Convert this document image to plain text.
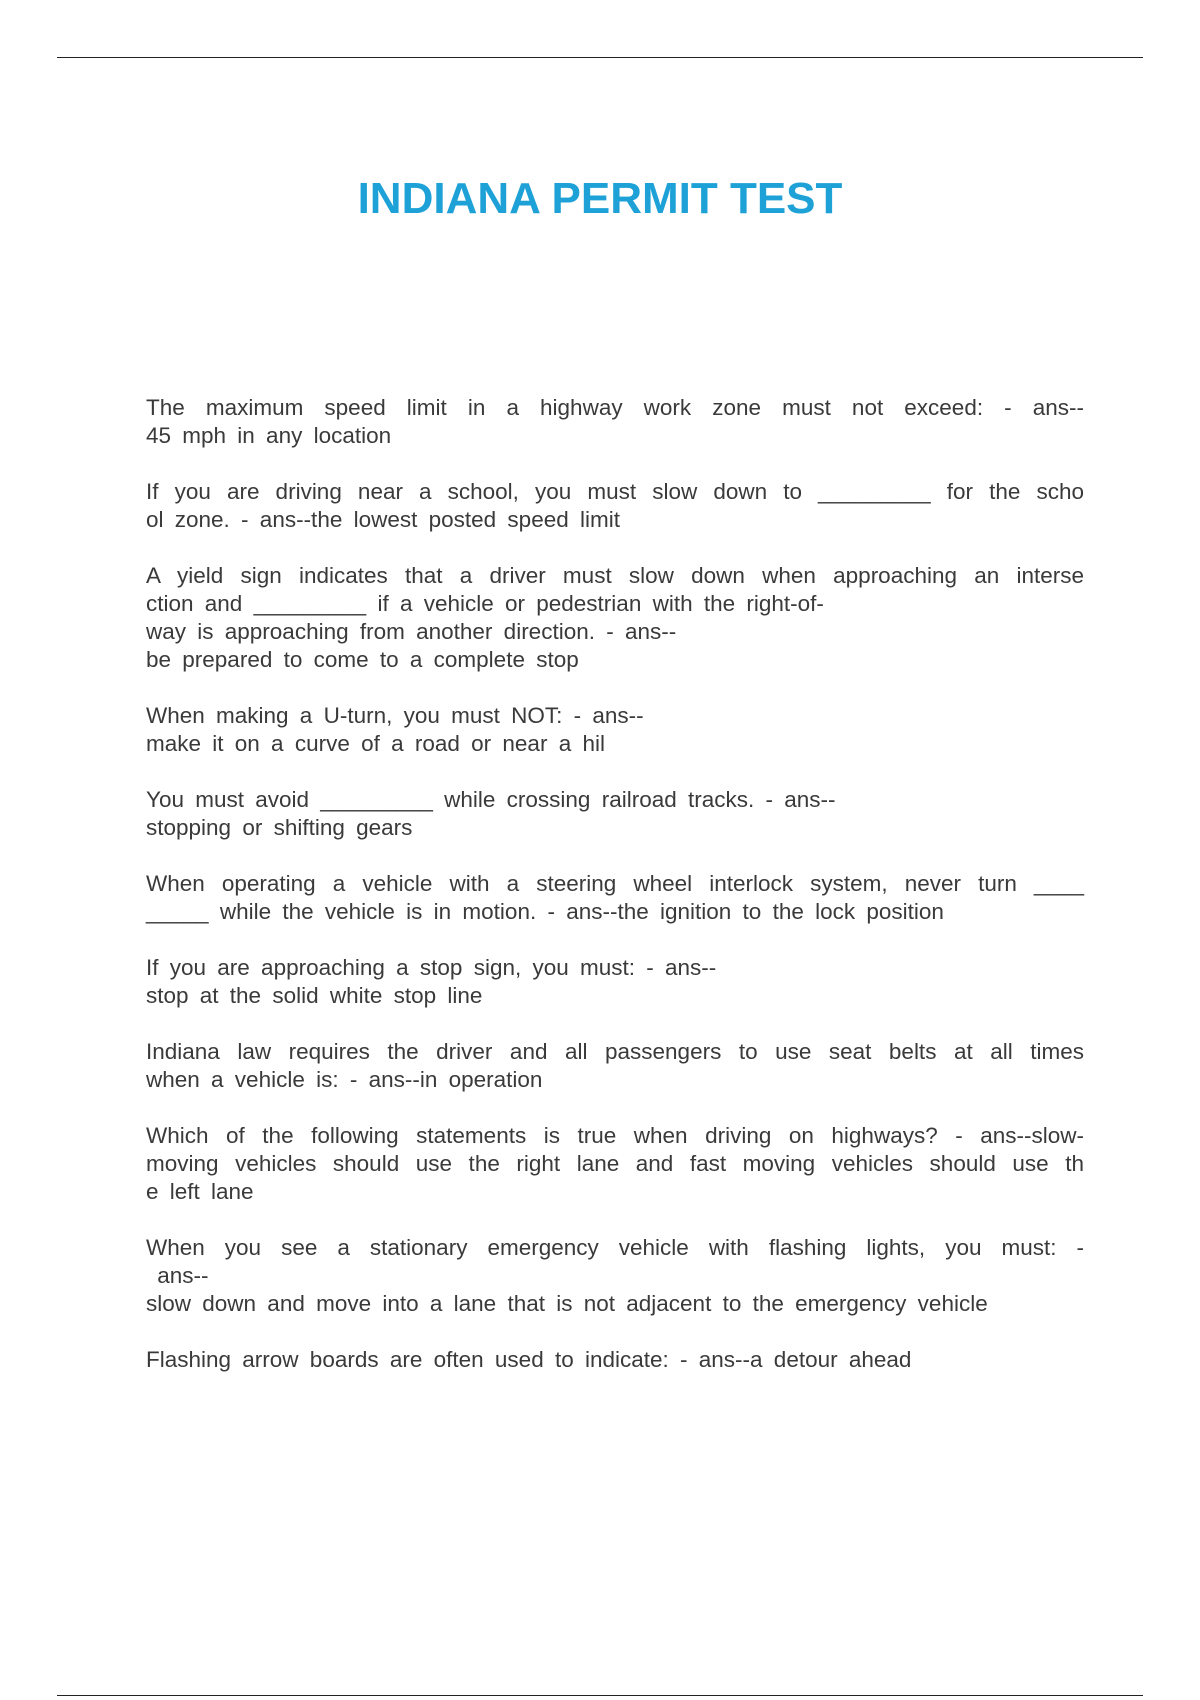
INDIANA PERMIT TEST
The maximum speed limit in a highway work zone must not exceed: - ans--
45 mph in any location
If you are driving near a school, you must slow down to _________ for the scho
ol zone. - ans--the lowest posted speed limit
A yield sign indicates that a driver must slow down when approaching an interse
ction and _________ if a vehicle or pedestrian with the right-of-
way is approaching from another direction. - ans--
be prepared to come to a complete stop
When making a U-turn, you must NOT: - ans--
make it on a curve of a road or near a hil
You must avoid _________ while crossing railroad tracks. - ans--
stopping or shifting gears
When operating a vehicle with a steering wheel interlock system, never turn ____
_____ while the vehicle is in motion. - ans--the ignition to the lock position
If you are approaching a stop sign, you must: - ans--
stop at the solid white stop line
Indiana law requires the driver and all passengers to use seat belts at all times
when a vehicle is: - ans--in operation
Which of the following statements is true when driving on highways? - ans--slow-
moving vehicles should use the right lane and fast moving vehicles should use th
e left lane
When you see a stationary emergency vehicle with flashing lights, you must: -
ans--
slow down and move into a lane that is not adjacent to the emergency vehicle
Flashing arrow boards are often used to indicate: - ans--a detour ahead
